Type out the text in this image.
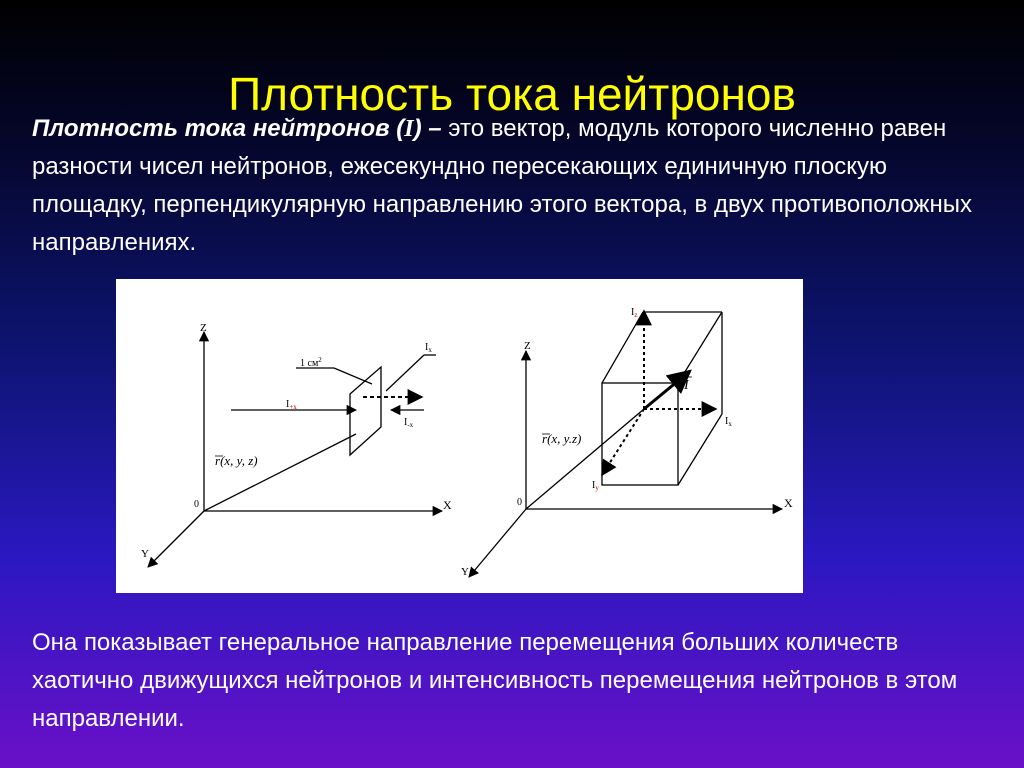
Плотность тока нейтронов
Плотность тока нейтронов (I) – это вектор, модуль которого численно равен разности чисел нейтронов, ежесекундно пересекающих единичную плоскую площадку, перпендикулярную направлению этого вектора, в двух противоположных направлениях.
Z
X
Y
0
1 $см^2$
$I_x$
$I_{+x}$
$I_{-x}$
r(x, y, z)
Z
X
Y
0
$I_z$
$I_x$
$I_y$
I
r(x, y.z)
Она показывает генеральное направление перемещения больших количеств хаотично движущихся нейтронов и интенсивность перемещения нейтронов в этом направлении.
